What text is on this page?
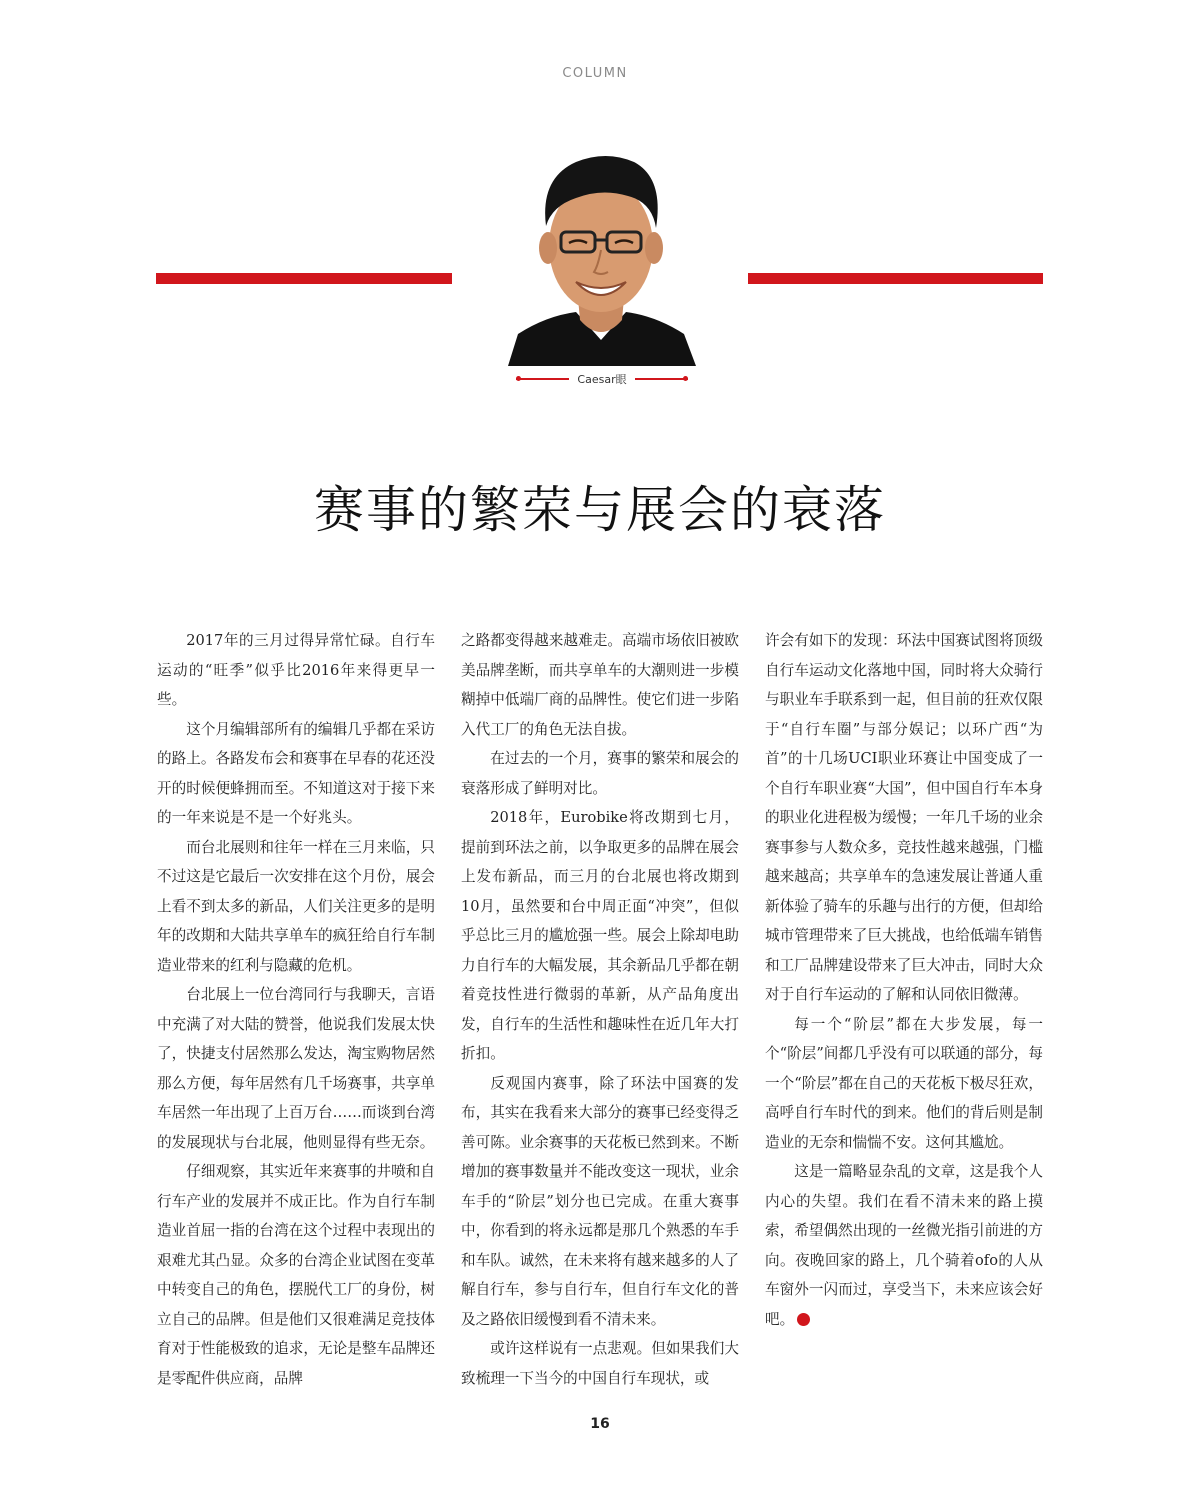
COLUMN
Caesar眼
赛事的繁荣与展会的衰落

2017年的三月过得异常忙碌。自行车运动的“旺季”似乎比2016年来得更早一些。

这个月编辑部所有的编辑几乎都在采访的路上。各路发布会和赛事在早春的花还没开的时候便蜂拥而至。不知道这对于接下来的一年来说是不是一个好兆头。

而台北展则和往年一样在三月来临，只不过这是它最后一次安排在这个月份，展会上看不到太多的新品，人们关注更多的是明年的改期和大陆共享单车的疯狂给自行车制造业带来的红利与隐藏的危机。

台北展上一位台湾同行与我聊天，言语中充满了对大陆的赞誉，他说我们发展太快了，快捷支付居然那么发达，淘宝购物居然那么方便，每年居然有几千场赛事，共享单车居然一年出现了上百万台……而谈到台湾的发展现状与台北展，他则显得有些无奈。

仔细观察，其实近年来赛事的井喷和自行车产业的发展并不成正比。作为自行车制造业首屈一指的台湾在这个过程中表现出的艰难尤其凸显。众多的台湾企业试图在变革中转变自己的角色，摆脱代工厂的身份，树立自己的品牌。但是他们又很难满足竞技体育对于性能极致的追求，无论是整车品牌还是零配件供应商，品牌

之路都变得越来越难走。高端市场依旧被欧美品牌垄断，而共享单车的大潮则进一步模糊掉中低端厂商的品牌性。使它们进一步陷入代工厂的角色无法自拔。

在过去的一个月，赛事的繁荣和展会的衰落形成了鲜明对比。

2018年，Eurobike将改期到七月，提前到环法之前，以争取更多的品牌在展会上发布新品，而三月的台北展也将改期到10月，虽然要和台中周正面“冲突”，但似乎总比三月的尴尬强一些。展会上除却电助力自行车的大幅发展，其余新品几乎都在朝着竞技性进行微弱的革新，从产品角度出发，自行车的生活性和趣味性在近几年大打折扣。

反观国内赛事，除了环法中国赛的发布，其实在我看来大部分的赛事已经变得乏善可陈。业余赛事的天花板已然到来。不断增加的赛事数量并不能改变这一现状，业余车手的“阶层”划分也已完成。在重大赛事中，你看到的将永远都是那几个熟悉的车手和车队。诚然，在未来将有越来越多的人了解自行车，参与自行车，但自行车文化的普及之路依旧缓慢到看不清未来。

或许这样说有一点悲观。但如果我们大致梳理一下当今的中国自行车现状，或

许会有如下的发现：环法中国赛试图将顶级自行车运动文化落地中国，同时将大众骑行与职业车手联系到一起，但目前的狂欢仅限于“自行车圈”与部分娱记；以环广西“为首”的十几场UCI职业环赛让中国变成了一个自行车职业赛“大国”，但中国自行车本身的职业化进程极为缓慢；一年几千场的业余赛事参与人数众多，竞技性越来越强，门槛越来越高；共享单车的急速发展让普通人重新体验了骑车的乐趣与出行的方便，但却给城市管理带来了巨大挑战，也给低端车销售和工厂品牌建设带来了巨大冲击，同时大众对于自行车运动的了解和认同依旧微薄。

每一个“阶层”都在大步发展，每一个“阶层”间都几乎没有可以联通的部分，每一个“阶层”都在自己的天花板下极尽狂欢，高呼自行车时代的到来。他们的背后则是制造业的无奈和惴惴不安。这何其尴尬。

这是一篇略显杂乱的文章，这是我个人内心的失望。我们在看不清未来的路上摸索，希望偶然出现的一丝微光指引前进的方向。夜晚回家的路上，几个骑着ofo的人从车窗外一闪而过，享受当下，未来应该会好吧。	C

16
